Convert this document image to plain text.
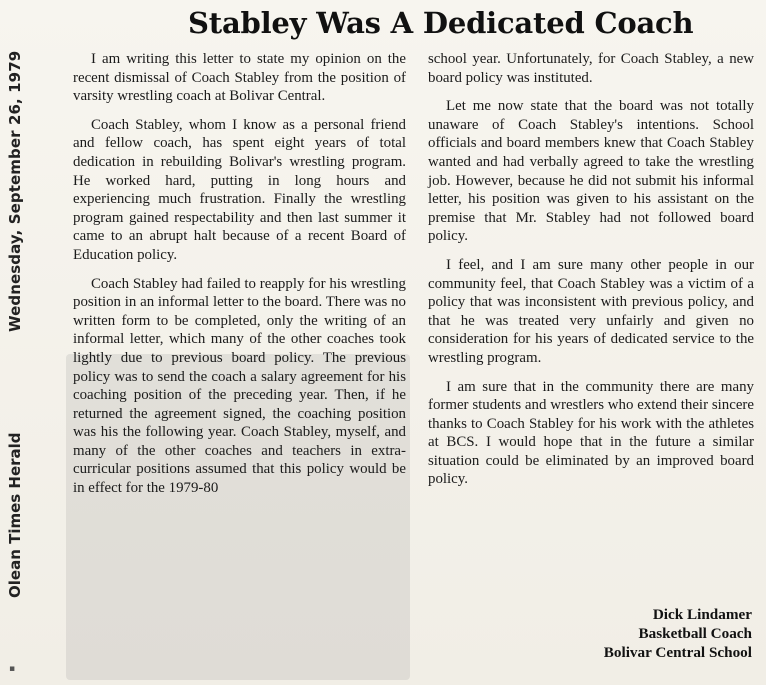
Wednesday, September 26, 1979
Olean Times Herald
▪
Stabley Was A Dedicated Coach

I am writing this letter to state my opinion on the recent dismissal of Coach Stabley from the position of varsity wrestling coach at Bolivar Central.

Coach Stabley, whom I know as a personal friend and fellow coach, has spent eight years of total dedication in rebuilding Bolivar's wrestling program. He worked hard, putting in long hours and experiencing much frustration. Finally the wrestling program gained respectability and then last summer it came to an abrupt halt because of a recent Board of Education policy.

Coach Stabley had failed to reapply for his wrestling position in an informal letter to the board. There was no written form to be completed, only the writing of an informal letter, which many of the other coaches took lightly due to previous board policy. The previous policy was to send the coach a salary agreement for his coaching position of the preceding year. Then, if he returned the agreement signed, the coaching position was his the following year. Coach Stabley, myself, and many of the other coaches and teachers in extra-curricular positions assumed that this policy would be in effect for the 1979-80

school year. Unfortunately, for Coach Stabley, a new board policy was instituted.

Let me now state that the board was not totally unaware of Coach Stabley's intentions. School officials and board members knew that Coach Stabley wanted and had verbally agreed to take the wrestling job. However, because he did not submit his informal letter, his position was given to his assistant on the premise that Mr. Stabley had not followed board policy.

I feel, and I am sure many other people in our community feel, that Coach Stabley was a victim of a policy that was inconsistent with previous policy, and that he was treated very unfairly and given no consideration for his years of dedicated service to the wrestling program.

I am sure that in the community there are many former students and wrestlers who extend their sincere thanks to Coach Stabley for his work with the athletes at BCS. I would hope that in the future a similar situation could be eliminated by an improved board policy.

Dick Lindamer
Basketball Coach
Bolivar Central School
